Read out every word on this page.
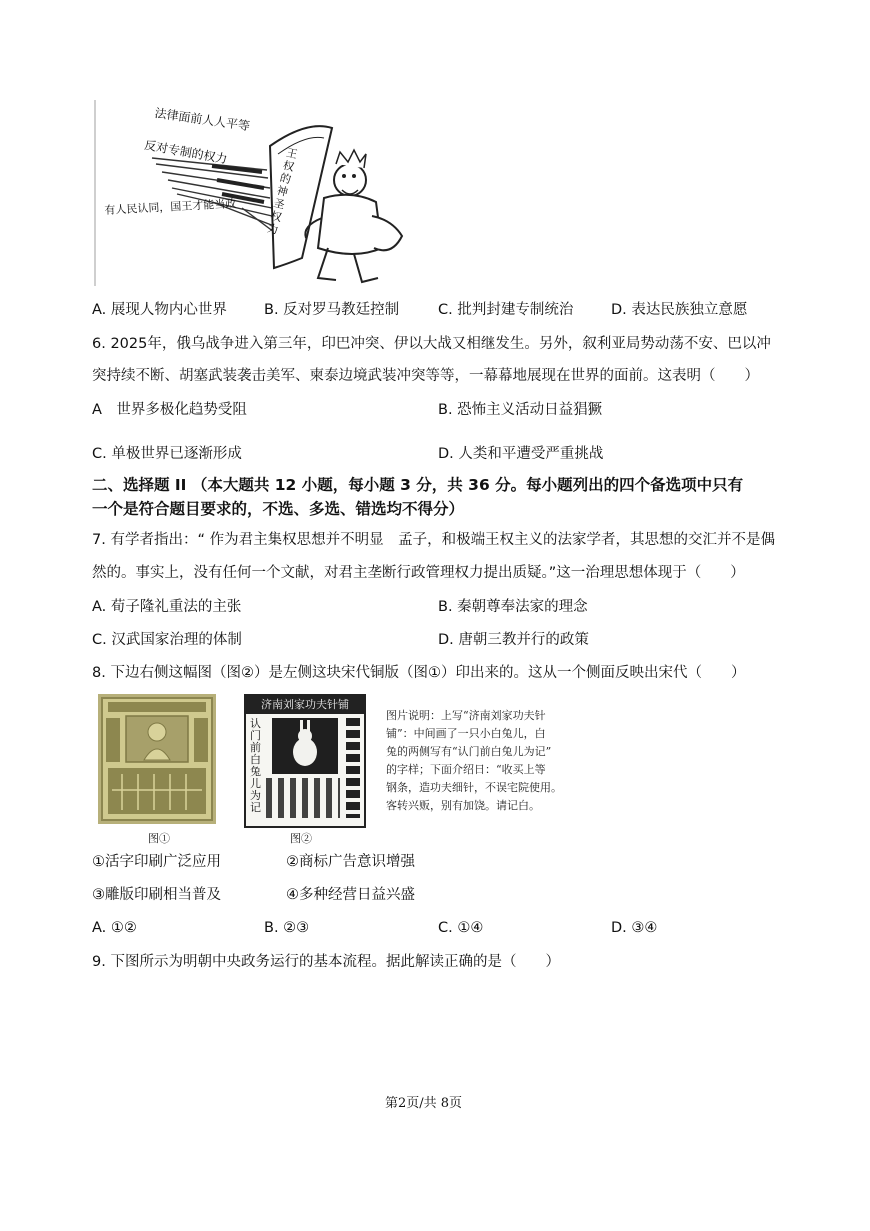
法律面前人人平等
反对专制的权力
有人民认同，国王才能当政
王权的神圣权力
A. 展现人物内心世界	B. 反对罗马教廷控制	C. 批判封建专制统治	D. 表达民族独立意愿
6. 2025年，俄乌战争进入第三年，印巴冲突、伊以大战又相继发生。另外，叙利亚局势动荡不安、巴以冲
突持续不断、胡塞武装袭击美军、柬泰边境武装冲突等等，一幕幕地展现在世界的面前。这表明（　　）
A　世界多极化趋势受阻	B. 恐怖主义活动日益猖獗
C. 单极世界已逐渐形成	D. 人类和平遭受严重挑战
二、选择题 II （本大题共 12 小题，每小题 3 分，共 36 分。每小题列出的四个备选项中只有
一个是符合题目要求的，不选、多选、错选均不得分）
7. 有学者指出：“ 作为君主集权思想并不明显　孟子，和极端王权主义的法家学者，其思想的交汇并不是偶
然的。事实上，没有任何一个文献，对君主垄断行政管理权力提出质疑。”这一治理思想体现于（　　）
A. 荀子隆礼重法的主张	B. 秦朝尊奉法家的理念
C. 汉武国家治理的体制	D. 唐朝三教并行的政策
8. 下边右侧这幅图（图②）是左侧这块宋代铜版（图①）印出来的。这从一个侧面反映出宋代（　　）
图①
济南刘家功夫针铺
认门前白兔儿为记
图②
图片说明：上写“济南刘家功夫针
铺”：中间画了一只小白兔儿，白
兔的两侧写有“认门前白兔儿为记”
的字样；下面介绍日：“收买上等
钢条，造功夫细针，不误宅院使用。
客转兴贩，别有加饶。请记白。
①活字印刷广泛应用	②商标广告意识增强
③雕版印刷相当普及	④多种经营日益兴盛
A. ①②	B. ②③	C. ①④	D. ③④
9. 下图所示为明朝中央政务运行的基本流程。据此解读正确的是（　　）
第2页/共 8页
